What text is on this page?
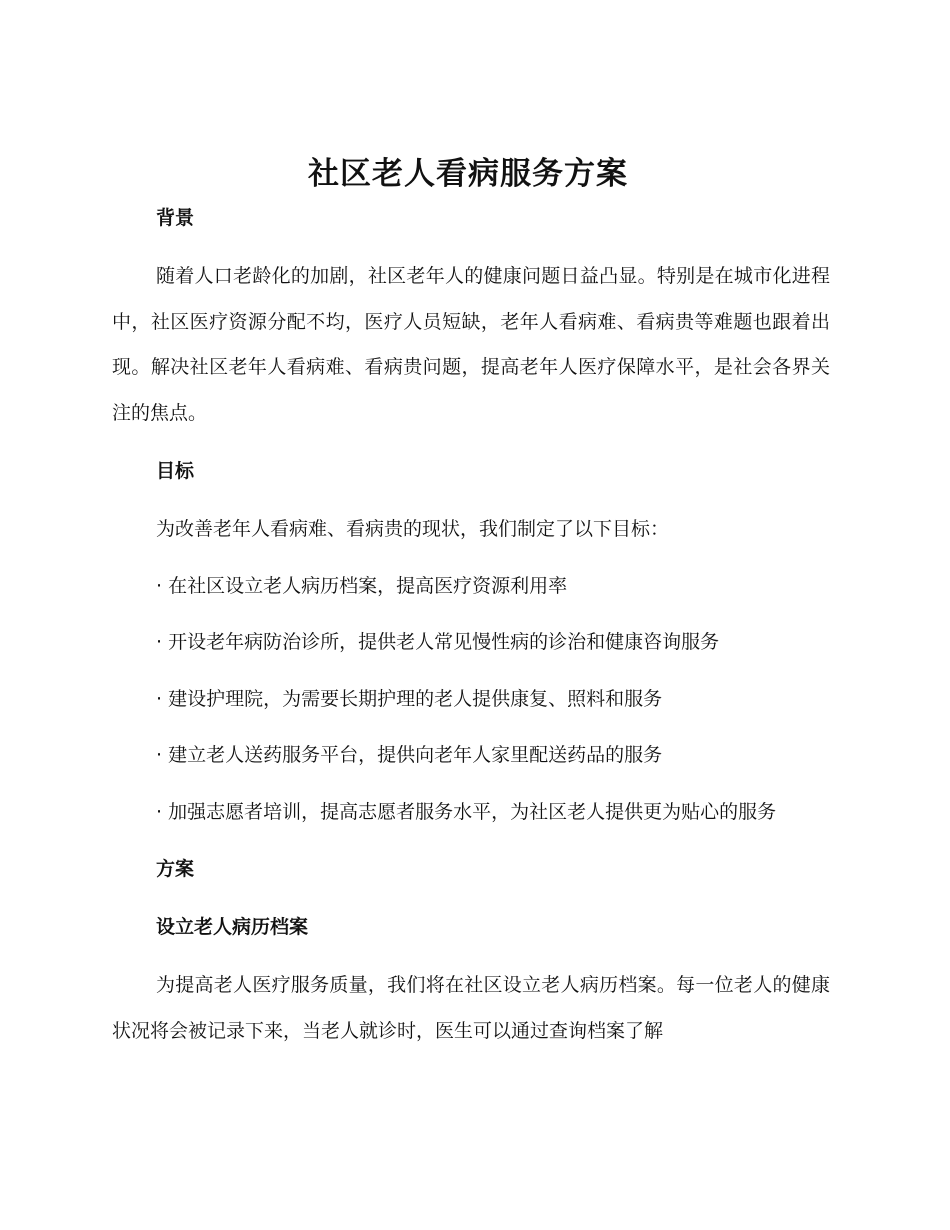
社区老人看病服务方案
背景

随着人口老龄化的加剧，社区老年人的健康问题日益凸显。特别是在城市化进程中，社区医疗资源分配不均，医疗人员短缺，老年人看病难、看病贵等难题也跟着出现。解决社区老年人看病难、看病贵问题，提高老年人医疗保障水平，是社会各界关注的焦点。

目标

为改善老年人看病难、看病贵的现状，我们制定了以下目标：

· 在社区设立老人病历档案，提高医疗资源利用率

· 开设老年病防治诊所，提供老人常见慢性病的诊治和健康咨询服务

· 建设护理院，为需要长期护理的老人提供康复、照料和服务

· 建立老人送药服务平台，提供向老年人家里配送药品的服务

· 加强志愿者培训，提高志愿者服务水平，为社区老人提供更为贴心的服务

方案
设立老人病历档案

为提高老人医疗服务质量，我们将在社区设立老人病历档案。每一位老人的健康状况将会被记录下来，当老人就诊时，医生可以通过查询档案了解
